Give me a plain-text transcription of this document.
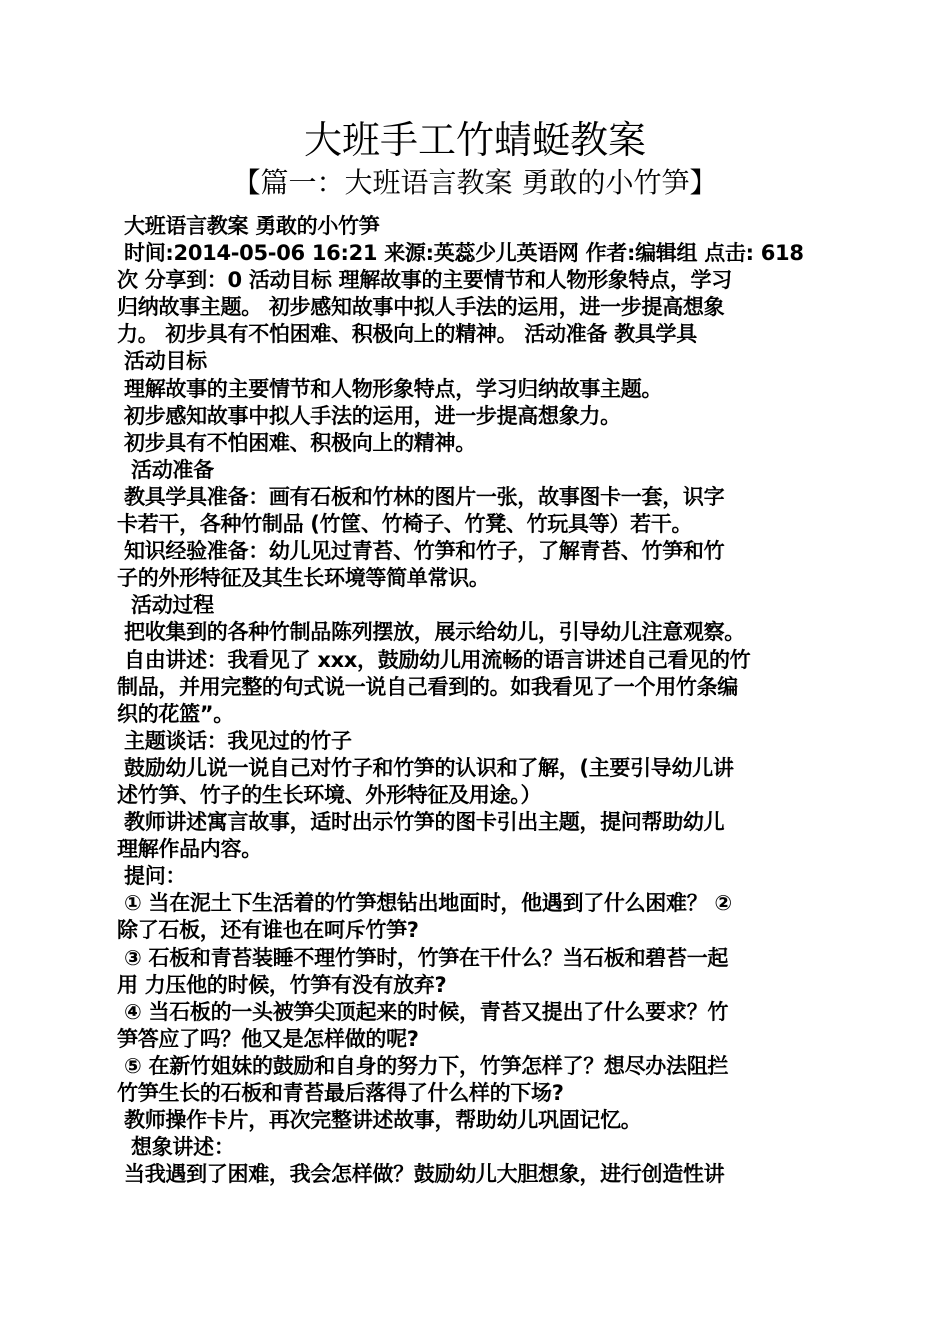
大班手工竹蜻蜓教案
【篇一：大班语言教案 勇敢的小竹笋】
大班语言教案 勇敢的小竹笋
时间:2014-05-06 16:21 来源:英蕊少儿英语网 作者:编辑组 点击: 618
次 分享到：0 活动目标 理解故事的主要情节和人物形象特点，学习
归纳故事主题。 初步感知故事中拟人手法的运用，进一步提高想象
力。 初步具有不怕困难、积极向上的精神。 活动准备 教具学具
活动目标
理解故事的主要情节和人物形象特点，学习归纳故事主题。
初步感知故事中拟人手法的运用，进一步提高想象力。
初步具有不怕困难、积极向上的精神。
活动准备
教具学具准备：画有石板和竹林的图片一张，故事图卡一套，识字
卡若干，各种竹制品 (竹筐、竹椅子、竹凳、竹玩具等）若干。
知识经验准备：幼儿见过青苔、竹笋和竹子，了解青苔、竹笋和竹
子的外形特征及其生长环境等简单常识。
活动过程
把收集到的各种竹制品陈列摆放，展示给幼儿，引导幼儿注意观察。
自由讲述：我看见了 xxx，鼓励幼儿用流畅的语言讲述自己看见的竹
制品，并用完整的句式说一说自己看到的。如我看见了一个用竹条编
织的花篮”。
主题谈话：我见过的竹子
鼓励幼儿说一说自己对竹子和竹笋的认识和了解，(主要引导幼儿讲
述竹笋、竹子的生长环境、外形特征及用途。）
教师讲述寓言故事，适时出示竹笋的图卡引出主题，提问帮助幼儿
理解作品内容。
提问：
① 当在泥土下生活着的竹笋想钻出地面时，他遇到了什么困难？ ②
除了石板，还有谁也在呵斥竹笋?
③ 石板和青苔装睡不理竹笋时，竹笋在干什么？当石板和碧苔一起
用 力压他的时候，竹笋有没有放弃?
④ 当石板的一头被笋尖顶起来的时候，青苔又提出了什么要求？竹
笋答应了吗？他又是怎样做的呢?
⑤ 在新竹姐妹的鼓励和自身的努力下，竹笋怎样了？想尽办法阻拦
竹笋生长的石板和青苔最后落得了什么样的下场?
教师操作卡片，再次完整讲述故事，帮助幼儿巩固记忆。
想象讲述：
当我遇到了困难，我会怎样做？鼓励幼儿大胆想象，进行创造性讲
